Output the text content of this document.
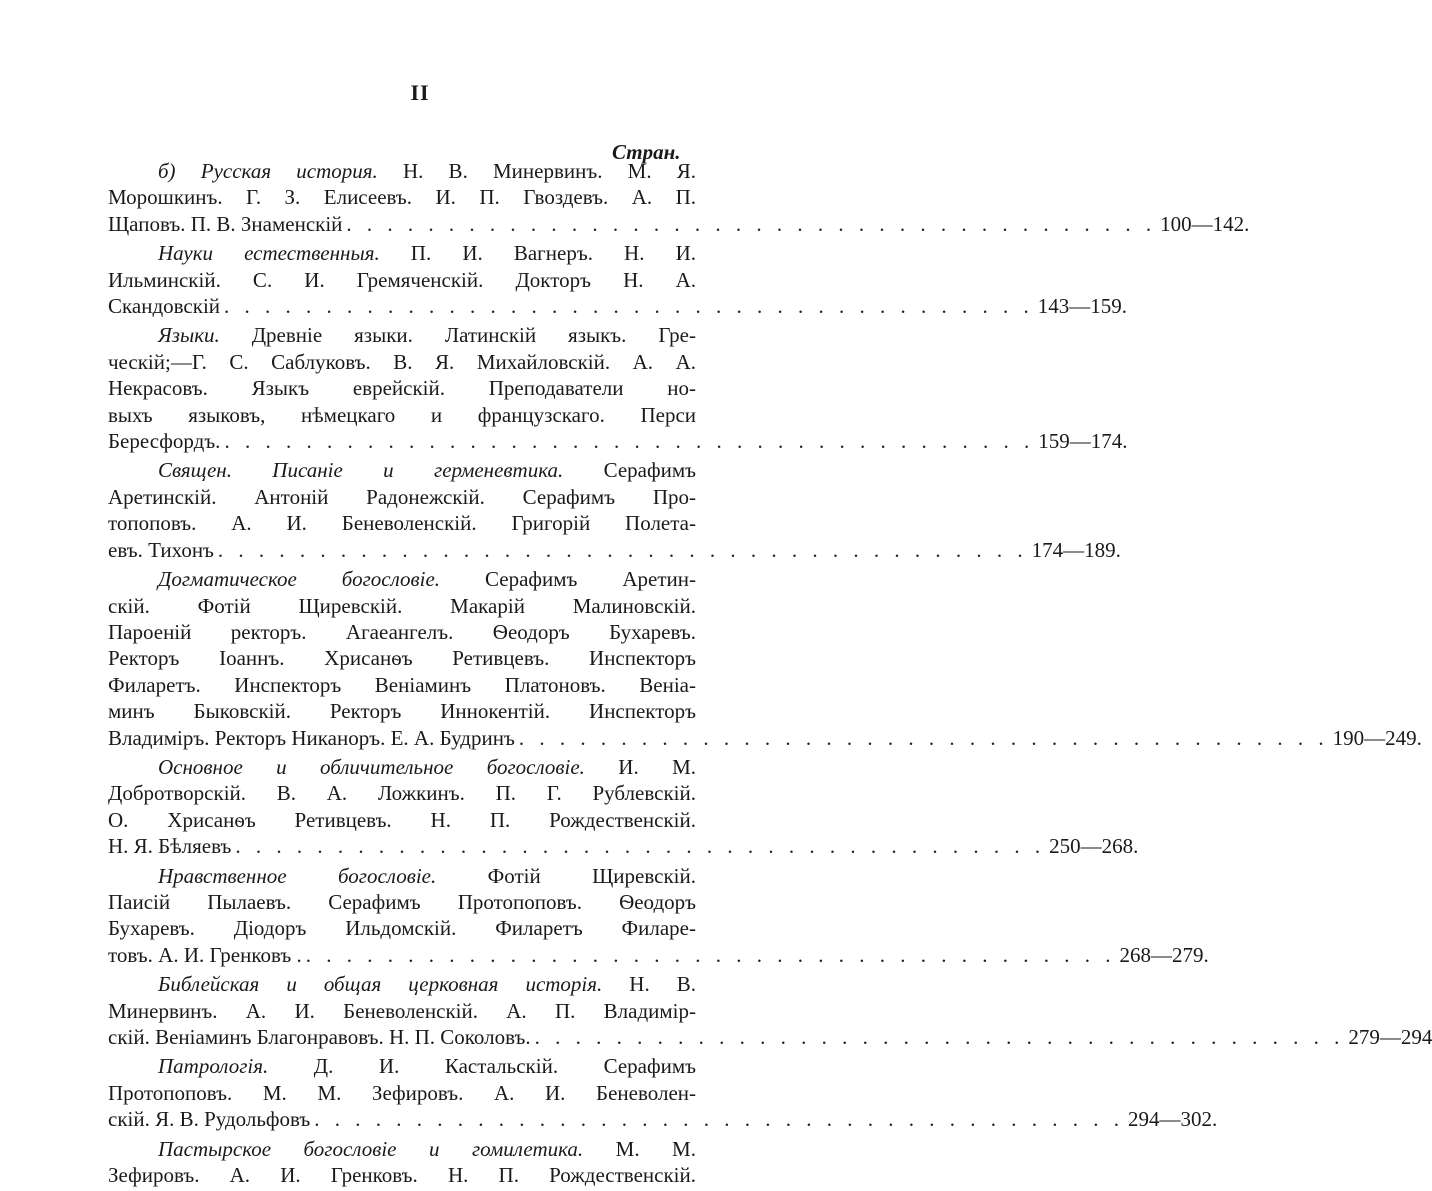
II
Стран.
б) Русская история. Н. В. Минервинъ. М. Я.
Морошкинъ. Г. З. Елисеевъ. И. П. Гвоздевъ. А. П.
Щаповъ. П. В. Знаменскій . . . . . . . . . . . . . . . . . . . . . . . . . . . . . . . . . . . . . . . . 100—142.
Науки естественныя. П. И. Вагнеръ. Н. И.
Ильминскій. С. И. Гремяченскій. Докторъ Н. А.
Скандовскій . . . . . . . . . . . . . . . . . . . . . . . . . . . . . . . . . . . . . . . . 143—159.
Языки. Древніе языки. Латинскій языкъ. Гре-
ческій;—Г. С. Саблуковъ. В. Я. Михайловскій. А. А.
Некрасовъ. Языкъ еврейскій. Преподаватели но-
выхъ языковъ, нѣмецкаго и французскаго. Перси
Бересфордъ. . . . . . . . . . . . . . . . . . . . . . . . . . . . . . . . . . . . . . . . . 159—174.
Священ. Писаніе и герменевтика. Серафимъ
Аретинскій. Антоній Радонежскій. Серафимъ Про-
топоповъ. А. И. Беневоленскій. Григорій Полета-
евъ. Тихонъ . . . . . . . . . . . . . . . . . . . . . . . . . . . . . . . . . . . . . . . . 174—189.
Догматическое богословіе. Серафимъ Аретин-
скій. Фотій Щиревскій. Макарій Малиновскій.
Пароеній ректоръ. Агаеангелъ. Ѳеодоръ Бухаревъ.
Ректоръ Іоаннъ. Хрисанѳъ Ретивцевъ. Инспекторъ
Филаретъ. Инспекторъ Веніаминъ Платоновъ. Веніа-
минъ Быковскій. Ректоръ Иннокентій. Инспекторъ
Владиміръ. Ректоръ Никаноръ. Е. А. Будринъ . . . . . . . . . . . . . . . . . . . . . . . . . . . . . . . . . . . . . . . . 190—249.
Основное и обличительное богословіе. И. М.
Добротворскій. В. А. Ложкинъ. П. Г. Рублевскій.
О. Хрисанѳъ Ретивцевъ. Н. П. Рождественскій.
Н. Я. Бѣляевъ . . . . . . . . . . . . . . . . . . . . . . . . . . . . . . . . . . . . . . . . 250—268.
Нравственное богословіе. Фотій Щиревскій.
Паисій Пылаевъ. Серафимъ Протопоповъ. Ѳеодоръ
Бухаревъ. Діодоръ Ильдомскій. Филаретъ Филаре-
товъ. А. И. Гренковъ . . . . . . . . . . . . . . . . . . . . . . . . . . . . . . . . . . . . . . . . . 268—279.
Библейская и общая церковная исторія. Н. В.
Минервинъ. А. И. Беневоленскій. А. П. Владимір-
скій. Веніаминъ Благонравовъ. Н. П. Соколовъ. . . . . . . . . . . . . . . . . . . . . . . . . . . . . . . . . . . . . . . . . 279—294
Патрологія. Д. И. Кастальскій. Серафимъ
Протопоповъ. М. М. Зефировъ. А. И. Беневолен-
скій. Я. В. Рудольфовъ . . . . . . . . . . . . . . . . . . . . . . . . . . . . . . . . . . . . . . . . 294—302.
Пастырское богословіе и гомилетика. М. М.
Зефировъ. А. И. Гренковъ. Н. П. Рождественскій.
